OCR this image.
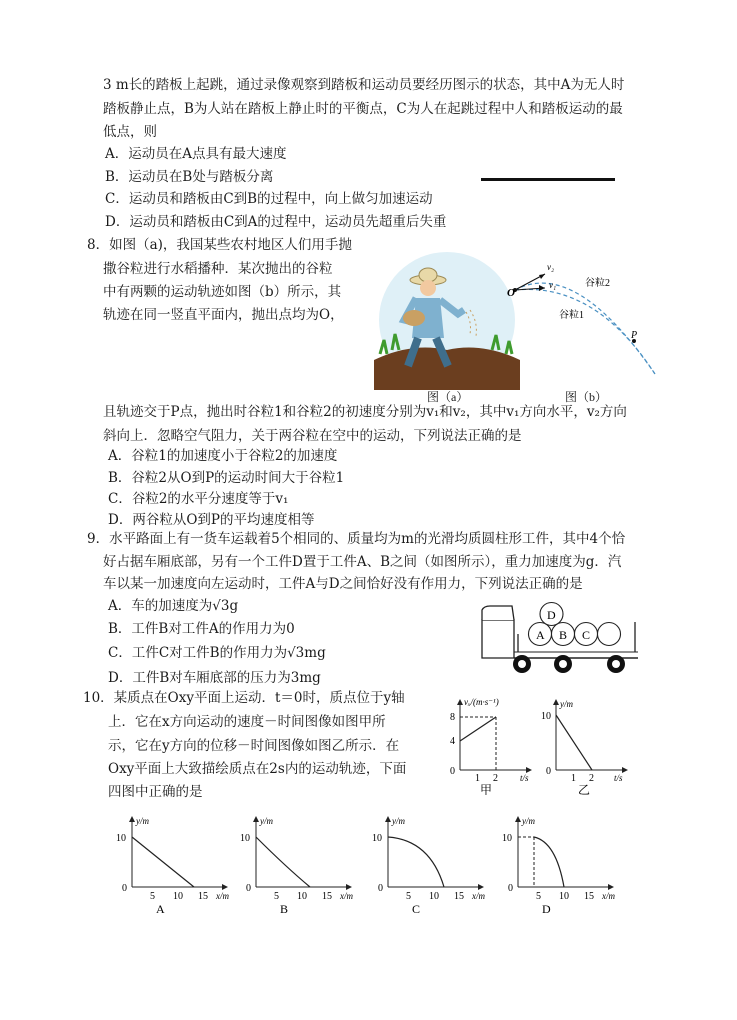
3 m长的踏板上起跳，通过录像观察到踏板和运动员要经历图示的状态，其中A为无人时
踏板静止点，B为人站在踏板上静止时的平衡点，C为人在起跳过程中人和踏板运动的最
低点，则
A．运动员在A点具有最大速度
B．运动员在B处与踏板分离
C．运动员和踏板由C到B的过程中，向上做匀加速运动
D．运动员和踏板由C到A的过程中，运动员先超重后失重
8．如图（a)，我国某些农村地区人们用手抛
撒谷粒进行水稻播种．某次抛出的谷粒
中有两颗的运动轨迹如图（b）所示，其
轨迹在同一竖直平面内，抛出点均为O，
且轨迹交于P点，抛出时谷粒1和谷粒2的初速度分别为v₁和v₂，其中v₁方向水平，v₂方向
斜向上．忽略空气阻力，关于两谷粒在空中的运动，下列说法正确的是
图（a）
O
v₂
v₁	谷粒2
谷粒1
P
图（b）
A．谷粒1的加速度小于谷粒2的加速度
B．谷粒2从O到P的运动时间大于谷粒1
C．谷粒2的水平分速度等于v₁
D．两谷粒从O到P的平均速度相等
9．水平路面上有一货车运载着5个相同的、质量均为m的光滑均质圆柱形工件，其中4个恰
好占据车厢底部，另有一个工件D置于工件A、B之间（如图所示），重力加速度为g．汽
车以某一加速度向左运动时，工件A与D之间恰好没有作用力，下列说法正确的是
A．车的加速度为√3g
B．工件B对工件A的作用力为0
C．工件C对工件B的作用力为√3mg
D．工件B对车厢底部的压力为3mg
A B C
D
10．某质点在Oxy平面上运动．t＝0时，质点位于y轴
上．它在x方向运动的速度－时间图像如图甲所
示，它在y方向的位移－时间图像如图乙所示．在
Oxy平面上大致描绘质点在2s内的运动轨迹，下面
四图中正确的是
vₓ/(m·s⁻¹)
8
4
0
1 2 t/s
甲
y/m
10
0
1 2 t/s
乙
y/m
10
0
5 10 15 x/m
A
y/m
10
0
5 10 15 x/m
B
y/m
10
0
5 10 15 x/m
C
y/m
10
0
5 10 15 x/m
D
